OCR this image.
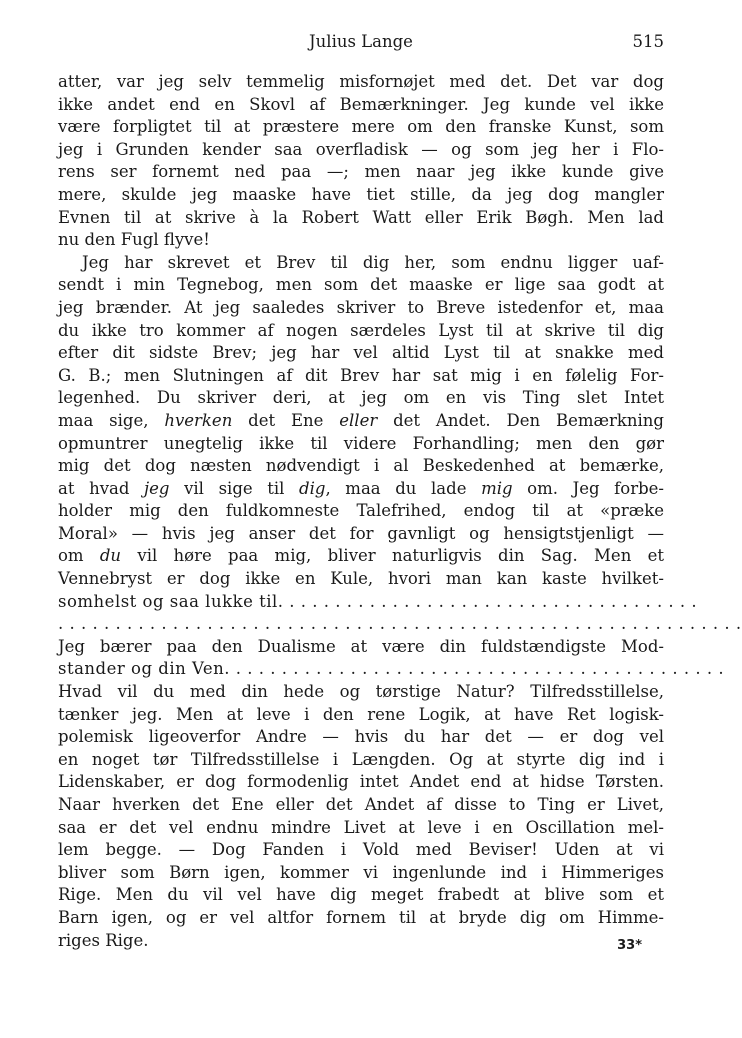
Julius Lange	515
atter, var jeg selv temmelig misfornøjet med det. Det var dog
ikke andet end en Skovl af Bemærkninger. Jeg kunde vel ikke
være forpligtet til at præstere mere om den franske Kunst, som
jeg i Grunden kender saa overfladisk — og som jeg her i Flo-
rens ser fornemt ned paa —; men naar jeg ikke kunde give
mere, skulde jeg maaske have tiet stille, da jeg dog mangler
Evnen til at skrive à la Robert Watt eller Erik Bøgh. Men lad
nu den Fugl flyve!
Jeg har skrevet et Brev til dig her, som endnu ligger uaf-
sendt i min Tegnebog, men som det maaske er lige saa godt at
jeg brænder. At jeg saaledes skriver to Breve istedenfor et, maa
du ikke tro kommer af nogen særdeles Lyst til at skrive til dig
efter dit sidste Brev; jeg har vel altid Lyst til at snakke med
G. B.; men Slutningen af dit Brev har sat mig i en følelig For-
legenhed. Du skriver deri, at jeg om en vis Ting slet Intet
maa sige, hverken det Ene eller det Andet. Den Bemærkning
opmuntrer unegtelig ikke til videre Forhandling; men den gør
mig det dog næsten nødvendigt i al Beskedenhed at bemærke,
at hvad jeg vil sige til dig, maa du lade mig om. Jeg forbe-
holder mig den fuldkomneste Talefrihed, endog til at «præke
Moral» — hvis jeg anser det for gavnligt og hensigtstjenligt —
om du vil høre paa mig, bliver naturligvis din Sag. Men et
Vennebryst er dog ikke en Kule, hvori man kan kaste hvilket-
somhelst og saa lukke til. . . . . . . . . . . . . . . . . . . . . . . . . . . . . . . . . . . . .
. . . . . . . . . . . . . . . . . . . . . . . . . . . . . . . . . . . . . . . . . . . . . . . . . . . . . . . . . . . .
Jeg bærer paa den Dualisme at være din fuldstændigste Mod-
stander og din Ven. . . . . . . . . . . . . . . . . . . . . . . . . . . . . . . . . . . . . . . . . . . .
Hvad vil du med din hede og tørstige Natur? Tilfredsstillelse,
tænker jeg. Men at leve i den rene Logik, at have Ret logisk-
polemisk ligeoverfor Andre — hvis du har det — er dog vel
en noget tør Tilfredsstillelse i Længden. Og at styrte dig ind i
Lidenskaber, er dog formodenlig intet Andet end at hidse Tørsten.
Naar hverken det Ene eller det Andet af disse to Ting er Livet,
saa er det vel endnu mindre Livet at leve i en Oscillation mel-
lem begge. — Dog Fanden i Vold med Beviser! Uden at vi
bliver som Børn igen, kommer vi ingenlunde ind i Himmeriges
Rige. Men du vil vel have dig meget frabedt at blive som et
Barn igen, og er vel altfor fornem til at bryde dig om Himme-
riges Rige.	33*
